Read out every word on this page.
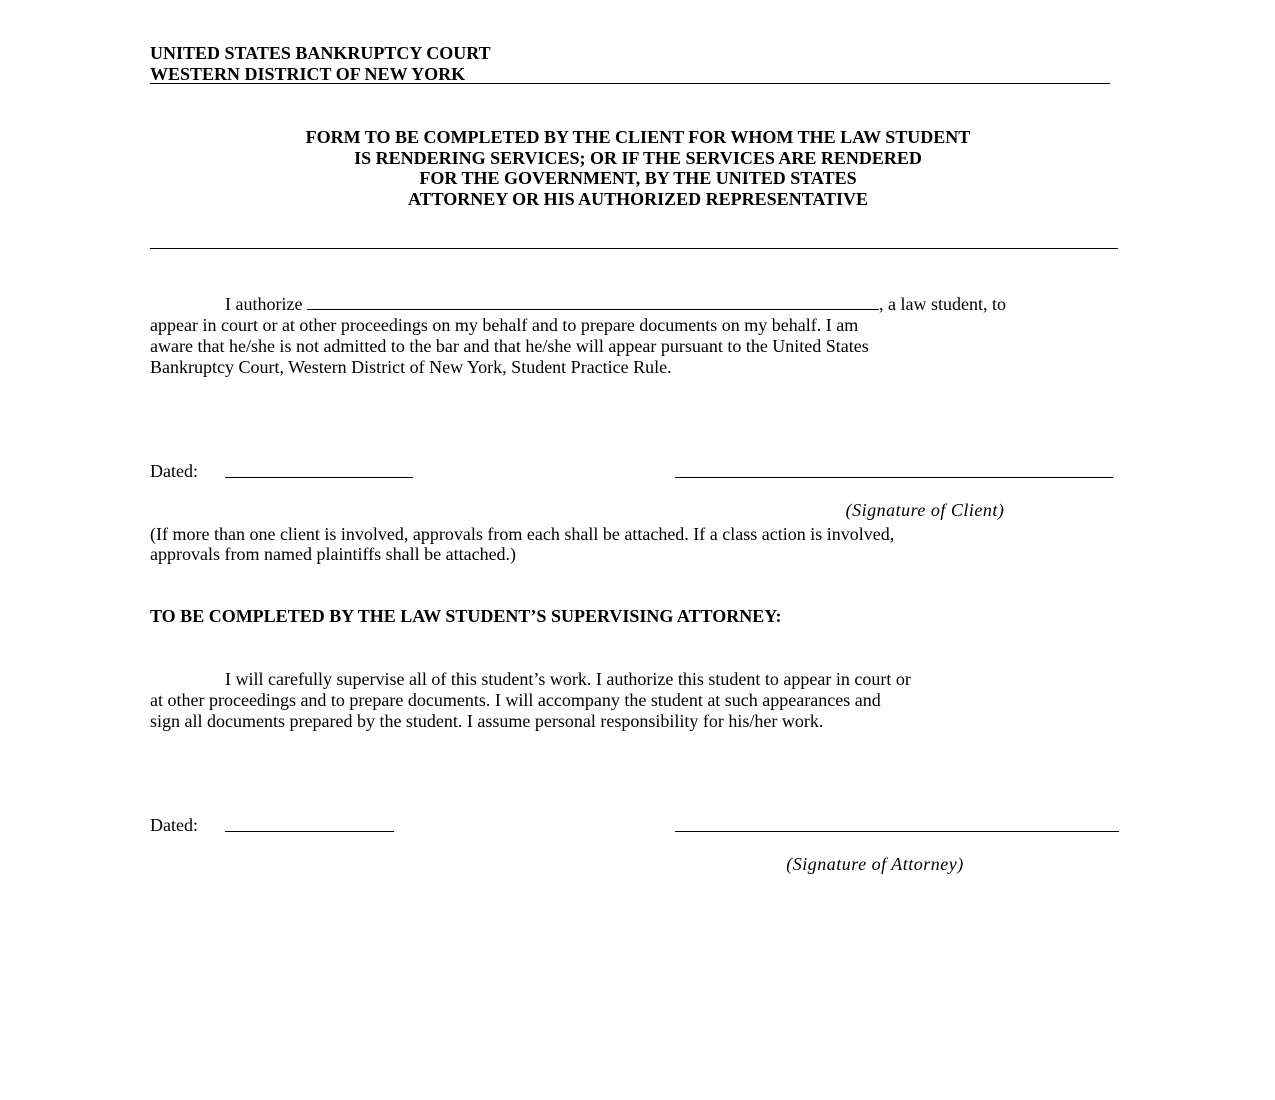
UNITED STATES BANKRUPTCY COURT

WESTERN DISTRICT OF NEW YORK

FORM TO BE COMPLETED BY THE CLIENT FOR WHOM THE LAW STUDENT

IS RENDERING SERVICES; OR IF THE SERVICES ARE RENDERED

FOR THE GOVERNMENT, BY THE UNITED STATES

ATTORNEY OR HIS AUTHORIZED REPRESENTATIVE

I authorize	, a law student, to

appear in court or at other proceedings on my behalf and to prepare documents on my behalf. I am

aware that he/she is not admitted to the bar and that he/she will appear pursuant to the United States

Bankruptcy Court, Western District of New York, Student Practice Rule.

Dated:

(Signature of Client)

(If more than one client is involved, approvals from each shall be attached. If a class action is involved,

approvals from named plaintiffs shall be attached.)

TO BE COMPLETED BY THE LAW STUDENT’S SUPERVISING ATTORNEY:

I will carefully supervise all of this student’s work. I authorize this student to appear in court or

at other proceedings and to prepare documents. I will accompany the student at such appearances and

sign all documents prepared by the student. I assume personal responsibility for his/her work.

Dated:

(Signature of Attorney)
